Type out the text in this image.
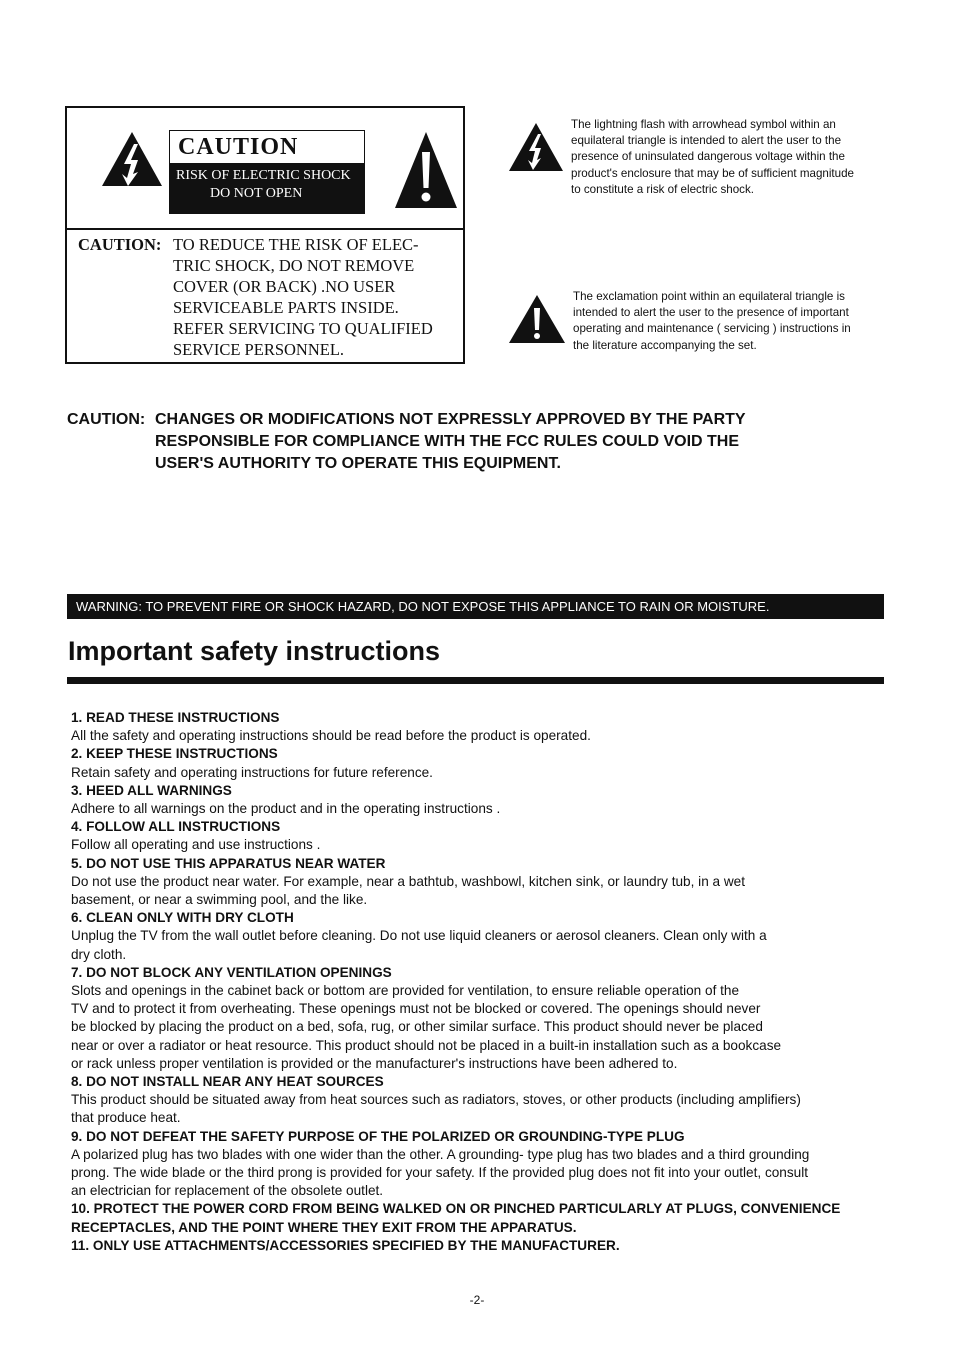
CAUTION
RISK OF ELECTRIC SHOCK
DO NOT OPEN
CAUTION: TO REDUCE THE RISK OF ELEC-
TRIC SHOCK, DO NOT REMOVE
COVER (OR BACK) .NO USER
SERVICEABLE PARTS INSIDE.
REFER SERVICING TO QUALIFIED
SERVICE PERSONNEL.
The lightning flash with arrowhead symbol within an
equilateral triangle is intended to alert the user to the
presence of uninsulated dangerous voltage within the
product's enclosure that may be of sufficient magnitude
to constitute a risk of electric shock.
The exclamation point within an equilateral triangle is
intended to alert the user to the presence of important
operating and maintenance ( servicing ) instructions in
the literature accompanying the set.
CAUTION: CHANGES OR MODIFICATIONS NOT EXPRESSLY APPROVED BY THE PARTY
RESPONSIBLE FOR COMPLIANCE WITH THE FCC RULES COULD VOID THE
USER'S AUTHORITY TO OPERATE THIS EQUIPMENT.
WARNING: TO PREVENT FIRE OR SHOCK HAZARD, DO NOT EXPOSE THIS APPLIANCE TO RAIN OR MOISTURE.
Important safety instructions
1. READ THESE INSTRUCTIONS
All the safety and operating instructions should be read before the product is operated.
2. KEEP THESE INSTRUCTIONS
Retain safety and operating instructions for future reference.
3. HEED ALL WARNINGS
Adhere to all warnings on the product and in the operating instructions .
4. FOLLOW ALL INSTRUCTIONS
Follow all operating and use instructions .
5. DO NOT USE THIS APPARATUS NEAR WATER
Do not use the product near water. For example, near a bathtub, washbowl, kitchen sink, or laundry tub, in a wet
basement, or near a swimming pool, and the like.
6. CLEAN ONLY WITH DRY CLOTH
Unplug the TV from the wall outlet before cleaning. Do not use liquid cleaners or aerosol cleaners. Clean only with a
dry cloth.
7. DO NOT BLOCK ANY VENTILATION OPENINGS
Slots and openings in the cabinet back or bottom are provided for ventilation, to ensure reliable operation of the
TV and to protect it from overheating. These openings must not be blocked or covered. The openings should never
be blocked by placing the product on a bed, sofa, rug, or other similar surface. This product should never be placed
near or over a radiator or heat resource. This product should not be placed in a built-in installation such as a bookcase
or rack unless proper ventilation is provided or the manufacturer's instructions have been adhered to.
8. DO NOT INSTALL NEAR ANY HEAT SOURCES
This product should be situated away from heat sources such as radiators, stoves, or other products (including amplifiers)
that produce heat.
9. DO NOT DEFEAT THE SAFETY PURPOSE OF THE POLARIZED OR GROUNDING-TYPE PLUG
A polarized plug has two blades with one wider than the other. A grounding- type plug has two blades and a third grounding
prong. The wide blade or the third prong is provided for your safety. If the provided plug does not fit into your outlet, consult
an electrician for replacement of the obsolete outlet.
10. PROTECT THE POWER CORD FROM BEING WALKED ON OR PINCHED PARTICULARLY AT PLUGS, CONVENIENCE
RECEPTACLES, AND THE POINT WHERE THEY EXIT FROM THE APPARATUS.
11. ONLY USE ATTACHMENTS/ACCESSORIES SPECIFIED BY THE MANUFACTURER.
-2-
